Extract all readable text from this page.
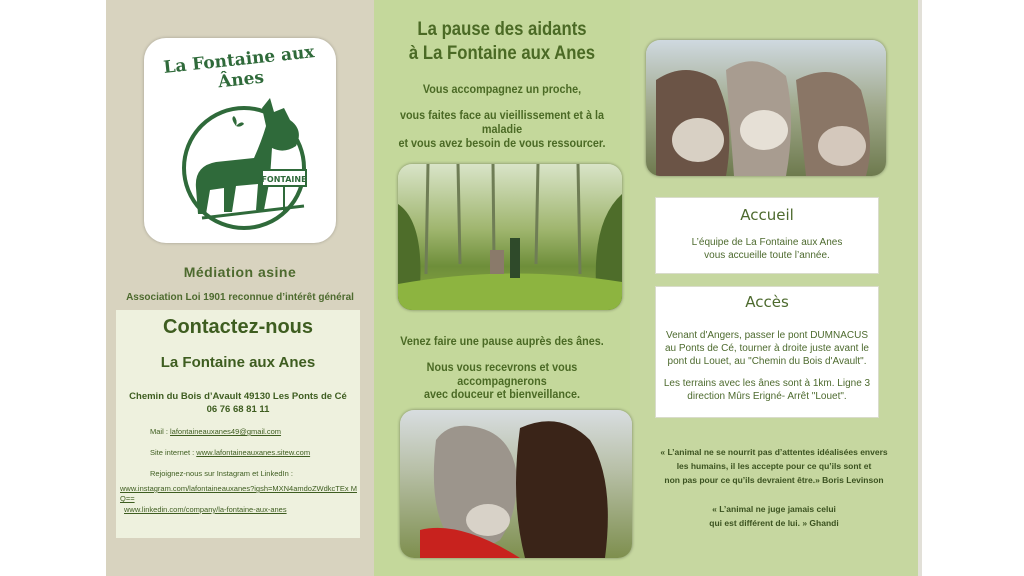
La Fontaine aux Ânes
FONTAINE
Médiation asine
Association Loi 1901 reconnue d’intérêt général
Contactez-nous
La Fontaine aux Anes
Chemin du Bois d’Avault 49130 Les Ponts de Cé
06 76 68 81 11
Mail : lafontaineauxanes49@gmail.com
Site internet : www.lafontaineauxanes.sitew.com
Rejoignez-nous sur Instagram et LinkedIn :
www.instagram.com/lafontaineauxanes?igsh=MXN4amdoZWdkcTEx MQ==
www.linkedin.com/company/la-fontaine-aux-anes
La pause des aidants
à La Fontaine aux Anes
Vous accompagnez un proche,
vous faites face au vieillissement et à la maladie
et vous avez besoin de vous ressourcer.
Venez faire une pause auprès des ânes.
Nous vous recevrons et vous accompagnerons
avec douceur et bienveillance.
Accueil
L’équipe de La Fontaine aux Anes
vous accueille toute l’année.
Accès
Venant d'Angers, passer le pont DUMNACUS
au Ponts de Cé, tourner à droite juste avant le
pont du Louet, au "Chemin du Bois d'Avault".
Les terrains avec les ânes sont à 1km. Ligne 3
direction Mûrs Erigné- Arrêt "Louet".
« L’animal ne se nourrit pas d’attentes idéalisées envers
les humains, il les accepte pour ce qu’ils sont et
non pas pour ce qu’ils devraient être.» Boris Levinson
« L’animal ne juge jamais celui
qui est différent de lui. » Ghandi
